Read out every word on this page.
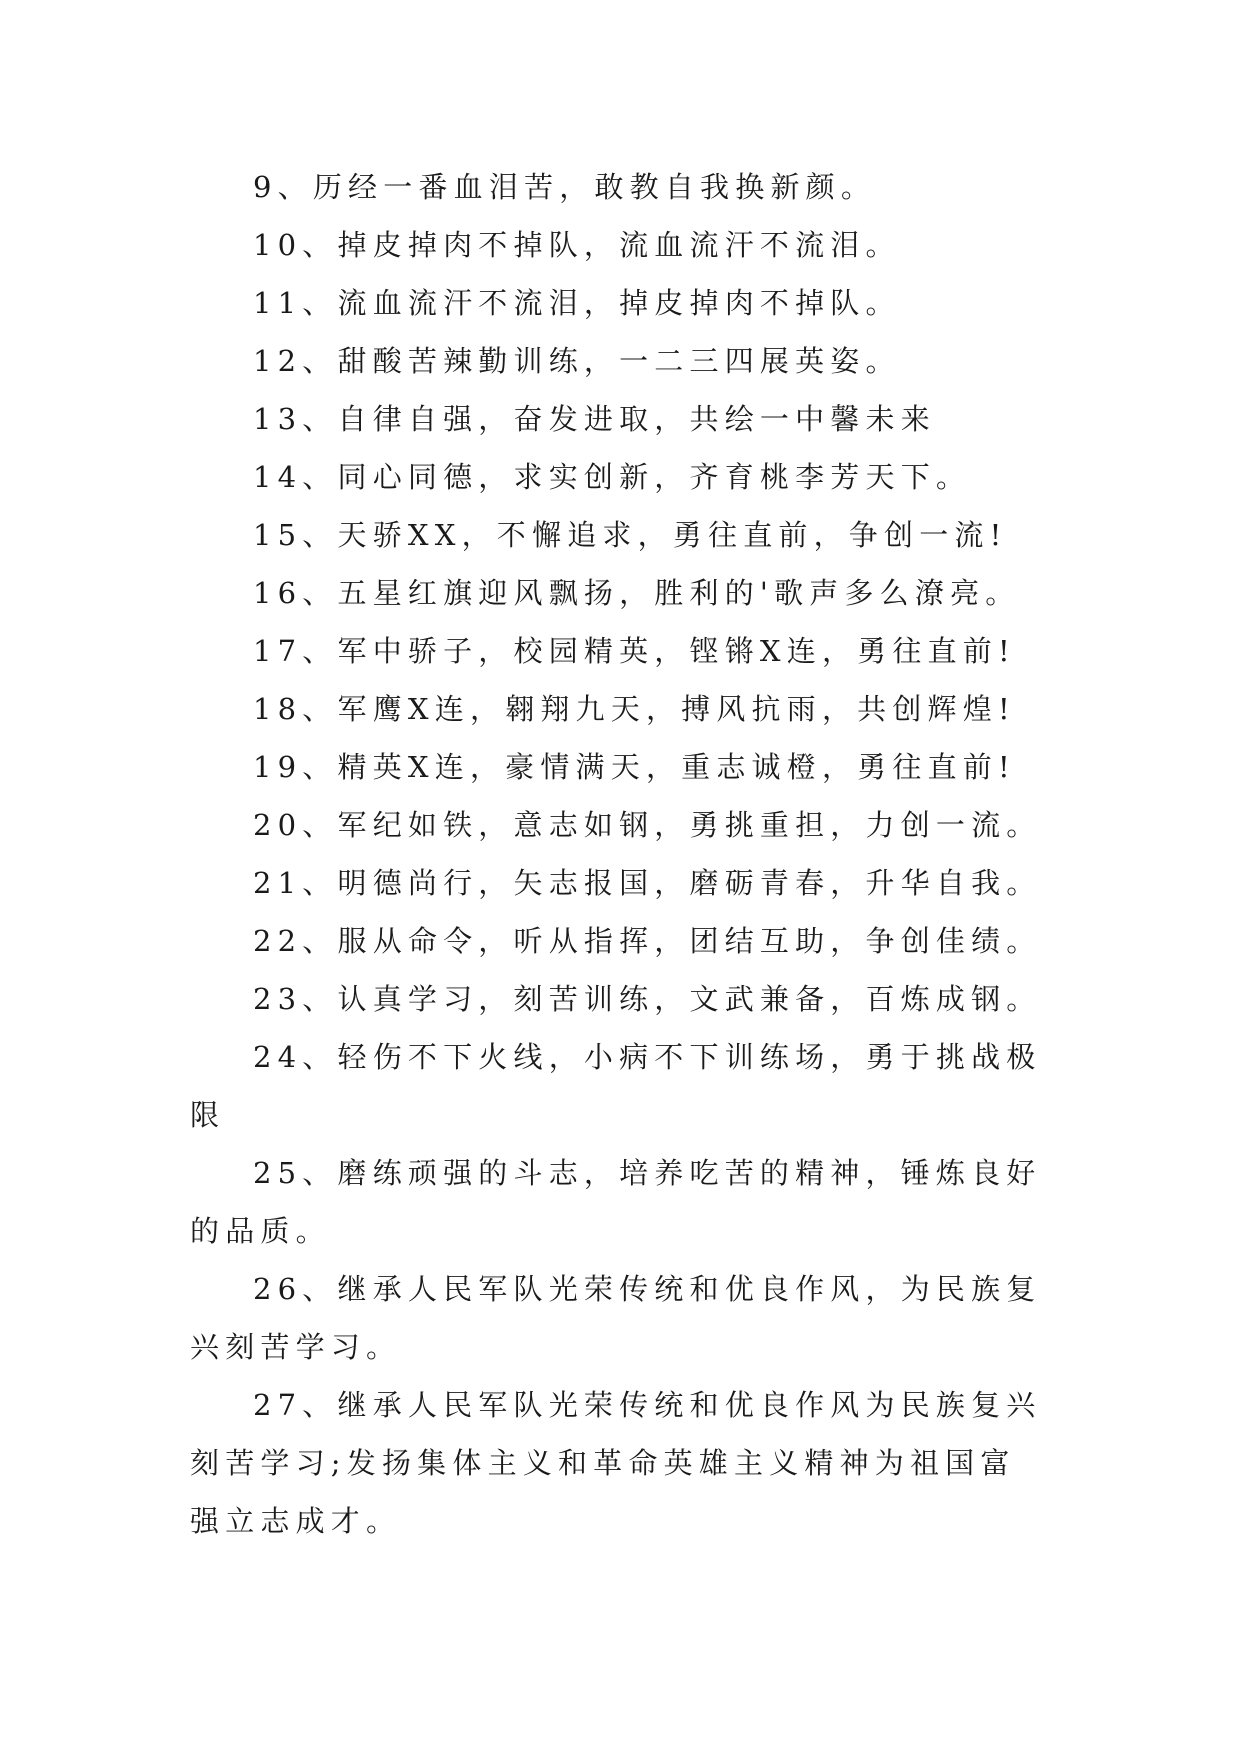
9、历经一番血泪苦，敢教自我换新颜。

10、掉皮掉肉不掉队，流血流汗不流泪。

11、流血流汗不流泪，掉皮掉肉不掉队。

12、甜酸苦辣勤训练，一二三四展英姿。

13、自律自强，奋发进取，共绘一中馨未来

14、同心同德，求实创新，齐育桃李芳天下。

15、天骄XX，不懈追求，勇往直前，争创一流!

16、五星红旗迎风飘扬，胜利的'歌声多么潦亮。

17、军中骄子，校园精英，铿锵X连，勇往直前!

18、军鹰X连，翱翔九天，搏风抗雨，共创辉煌!

19、精英X连，豪情满天，重志诚橙，勇往直前!

20、军纪如铁，意志如钢，勇挑重担，力创一流。

21、明德尚行，矢志报国，磨砺青春，升华自我。

22、服从命令，听从指挥，团结互助，争创佳绩。

23、认真学习，刻苦训练，文武兼备，百炼成钢。

24、轻伤不下火线，小病不下训练场，勇于挑战极限

25、磨练顽强的斗志，培养吃苦的精神，锤炼良好的品质。

26、继承人民军队光荣传统和优良作风，为民族复兴刻苦学习。

27、继承人民军队光荣传统和优良作风为民族复兴刻苦学习;发扬集体主义和革命英雄主义精神为祖国富强立志成才。
